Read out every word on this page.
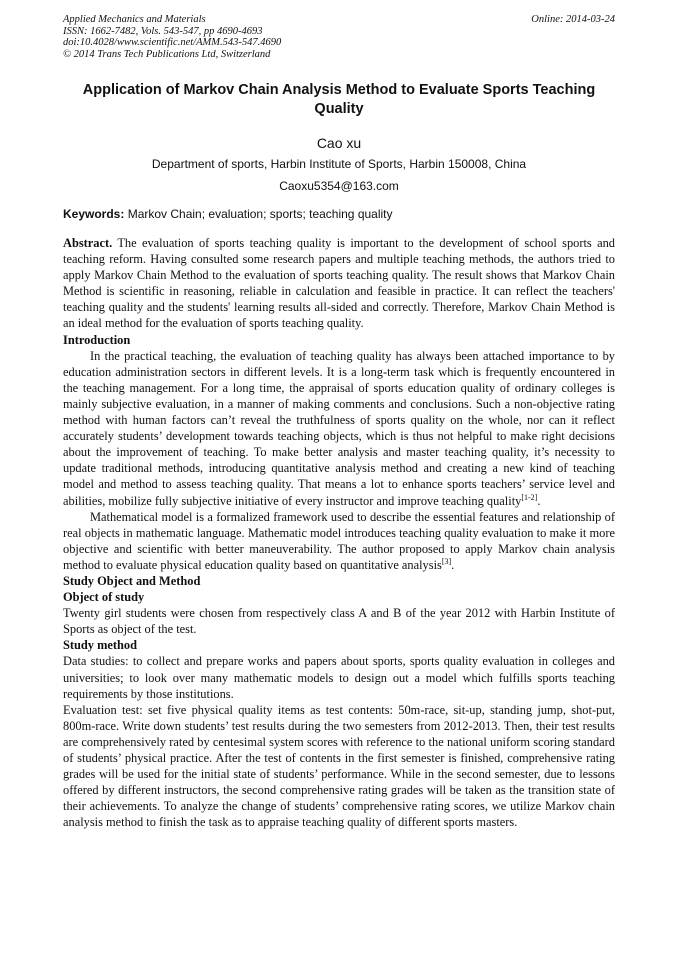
Applied Mechanics and Materials
ISSN: 1662-7482, Vols. 543-547, pp 4690-4693
doi:10.4028/www.scientific.net/AMM.543-547.4690
© 2014 Trans Tech Publications Ltd, Switzerland
Online: 2014-03-24
Application of Markov Chain Analysis Method to Evaluate Sports Teaching Quality
Cao xu
Department of sports, Harbin Institute of Sports, Harbin 150008, China
Caoxu5354@163.com
Keywords: Markov Chain; evaluation; sports; teaching quality

Abstract. The evaluation of sports teaching quality is important to the development of school sports and teaching reform. Having consulted some research papers and multiple teaching methods, the authors tried to apply Markov Chain Method to the evaluation of sports teaching quality. The result shows that Markov Chain Method is scientific in reasoning, reliable in calculation and feasible in practice. It can reflect the teachers' teaching quality and the students' learning results all-sided and correctly. Therefore, Markov Chain Method is an ideal method for the evaluation of sports teaching quality.

Introduction

In the practical teaching, the evaluation of teaching quality has always been attached importance to by education administration sectors in different levels. It is a long-term task which is frequently encountered in the teaching management. For a long time, the appraisal of sports education quality of ordinary colleges is mainly subjective evaluation, in a manner of making comments and conclusions. Such a non-objective rating method with human factors can’t reveal the truthfulness of sports quality on the whole, nor can it reflect accurately students’ development towards teaching objects, which is thus not helpful to make right decisions about the improvement of teaching. To make better analysis and master teaching quality, it’s necessity to update traditional methods, introducing quantitative analysis method and creating a new kind of teaching model and method to assess teaching quality. That means a lot to enhance sports teachers’ service level and abilities, mobilize fully subjective initiative of every instructor and improve teaching quality[1-2].

Mathematical model is a formalized framework used to describe the essential features and relationship of real objects in mathematic language. Mathematic model introduces teaching quality evaluation to make it more objective and scientific with better maneuverability. The author proposed to apply Markov chain analysis method to evaluate physical education quality based on quantitative analysis[3].

Study Object and Method
Object of study

Twenty girl students were chosen from respectively class A and B of the year 2012 with Harbin Institute of Sports as object of the test.

Study method

Data studies: to collect and prepare works and papers about sports, sports quality evaluation in colleges and universities; to look over many mathematic models to design out a model which fulfills sports teaching requirements by those institutions.

Evaluation test: set five physical quality items as test contents: 50m-race, sit-up, standing jump, shot-put, 800m-race. Write down students’ test results during the two semesters from 2012-2013. Then, their test results are comprehensively rated by centesimal system scores with reference to the national uniform scoring standard of students’ physical practice. After the test of contents in the first semester is finished, comprehensive rating grades will be used for the initial state of students’ performance. While in the second semester, due to lessons offered by different instructors, the second comprehensive rating grades will be taken as the transition state of their achievements. To analyze the change of students’ comprehensive rating scores, we utilize Markov chain analysis method to finish the task as to appraise teaching quality of different sports masters.
